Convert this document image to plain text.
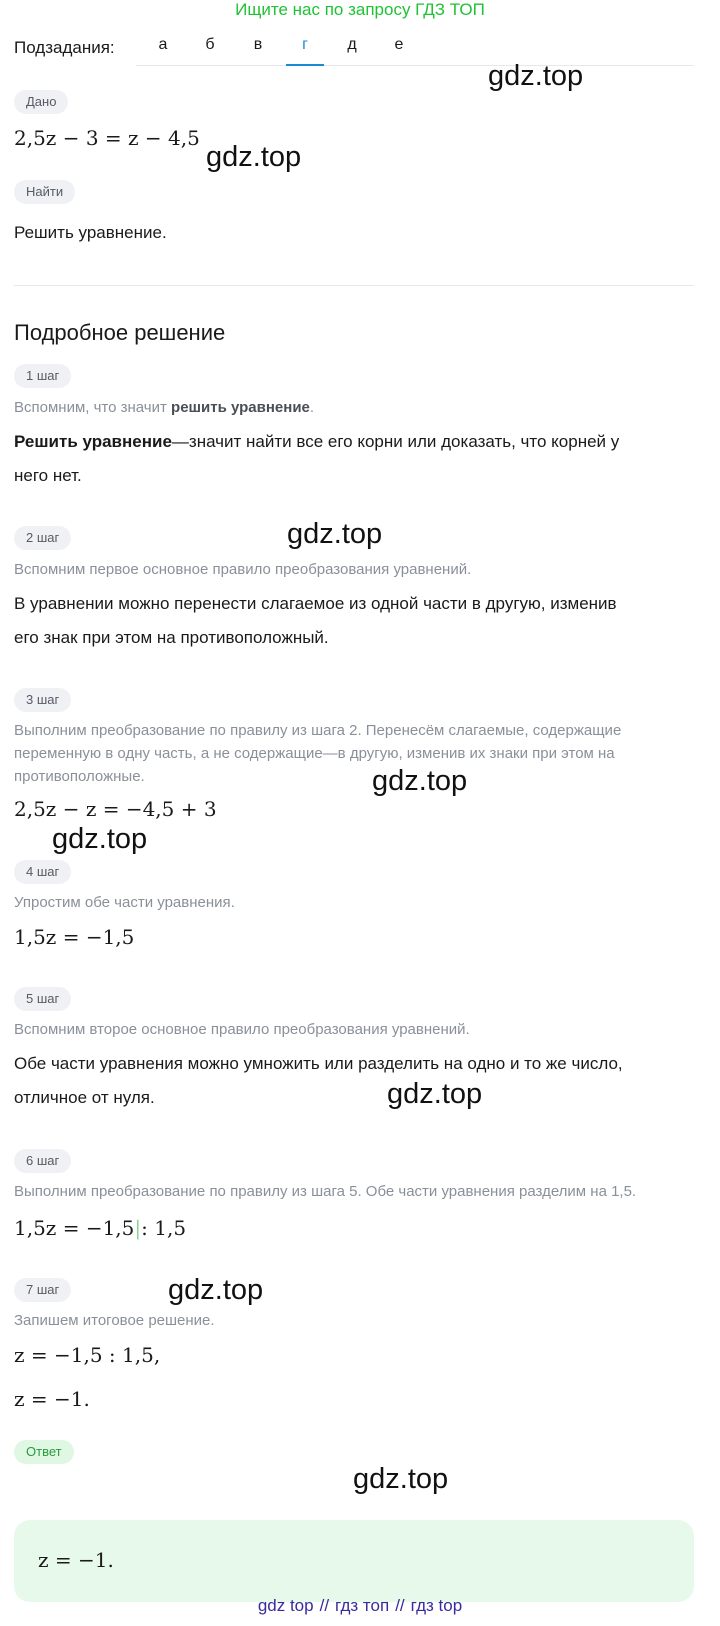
Ищите нас по запросу ГДЗ ТОП
Подзадания:	а	б	в	г	д	е
Дано
2,5z − 3 = z − 4,5
Найти
Решить уравнение.
Подробное решение
1 шаг
Вспомним, что значит решить уравнение.
Решить уравнение—значит найти все его корни или доказать, что корней у
него нет.
2 шаг
Вспомним первое основное правило преобразования уравнений.
В уравнении можно перенести слагаемое из одной части в другую, изменив
его знак при этом на противоположный.
3 шаг
Выполним преобразование по правилу из шага 2. Перенесём слагаемые, содержащие
переменную в одну часть, а не содержащие—в другую, изменив их знаки при этом на
противоположные.
2,5z − z = −4,5 + 3
4 шаг
Упростим обе части уравнения.
1,5z = −1,5
5 шаг
Вспомним второе основное правило преобразования уравнений.
Обе части уравнения можно умножить или разделить на одно и то же число,
отличное от нуля.
6 шаг
Выполним преобразование по правилу из шага 5. Обе части уравнения разделим на 1,5.
1,5z = −1,5|: 1,5
7 шаг
Запишем итоговое решение.
z = −1,5 : 1,5,
z = −1.
Ответ
z = −1.
gdz.top
gdz.top
gdz.top
gdz.top
gdz.top
gdz.top
gdz.top
gdz.top
gdz top // гдз топ // гдз top
